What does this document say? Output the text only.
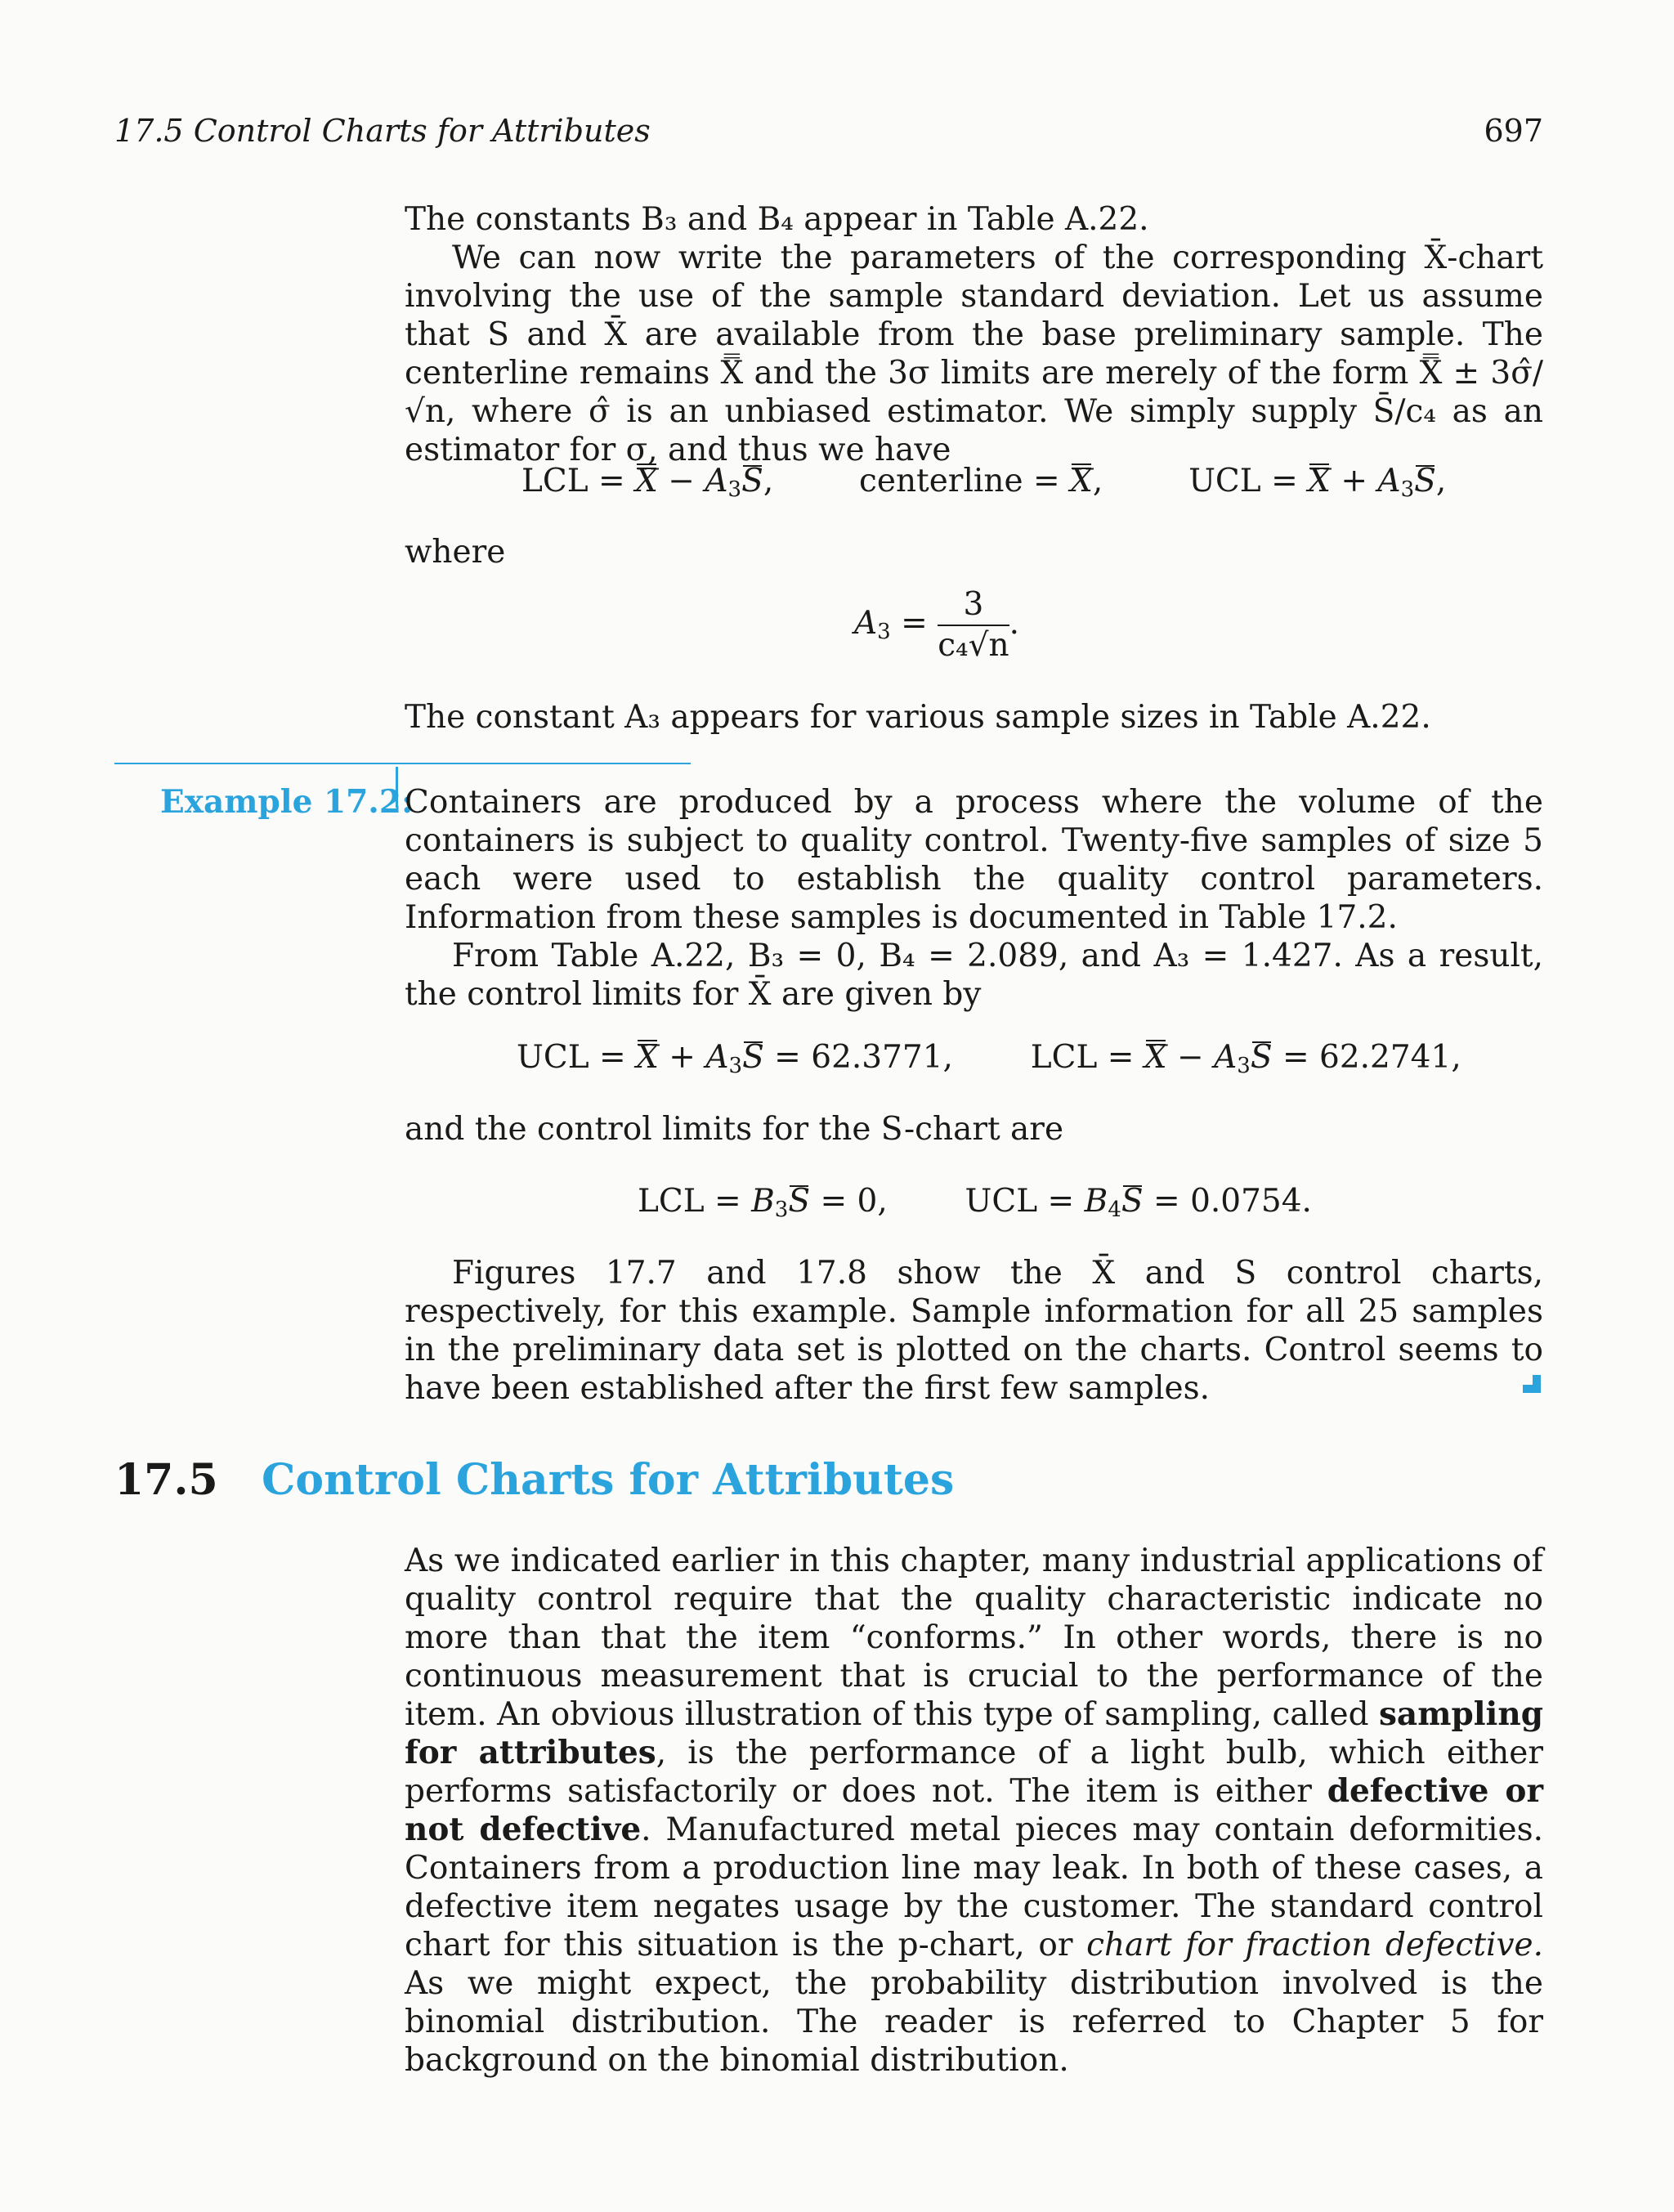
17.5 Control Charts for Attributes	697

The constants B₃ and B₄ appear in Table A.22.

We can now write the parameters of the corresponding X̄-chart involving the use of the sample standard deviation. Let us assume that S and X̄ are available from the base preliminary sample. The centerline remains X̿ and the 3σ limits are merely of the form X̿ ± 3σ̂/√n, where σ̂ is an unbiased estimator. We simply supply S̄/c₄ as an estimator for σ, and thus we have

LCL = $X - A_3S$,  centerline = X,  UCL = $X + A_3S$,
where
$A_3 = \frac{3}{\text{c₄√n}}$ .
The constant A₃ appears for various sample sizes in Table A.22.
Example 17.2:

Containers are produced by a process where the volume of the containers is subject to quality control. Twenty-five samples of size 5 each were used to establish the quality control parameters. Information from these samples is documented in Table 17.2.

From Table A.22, B₃ = 0, B₄ = 2.089, and A₃ = 1.427. As a result, the control limits for X̄ are given by

UCL = $X + A_3S = 62.3771$,  LCL = $X - A_3S = 62.2741$,
and the control limits for the S-chart are
LCL = $B_3S = 0$,  UCL = $B_4S = 0.0754$.

Figures 17.7 and 17.8 show the X̄ and S control charts, respectively, for this example. Sample information for all 25 samples in the preliminary data set is plotted on the charts. Control seems to have been established after the first few samples.

17.5 Control Charts for Attributes

As we indicated earlier in this chapter, many industrial applications of quality control require that the quality characteristic indicate no more than that the item “conforms.” In other words, there is no continuous measurement that is crucial to the performance of the item. An obvious illustration of this type of sampling, called sampling for attributes, is the performance of a light bulb, which either performs satisfactorily or does not. The item is either defective or not defective. Manufactured metal pieces may contain deformities. Containers from a production line may leak. In both of these cases, a defective item negates usage by the customer. The standard control chart for this situation is the p-chart, or chart for fraction defective. As we might expect, the probability distribution involved is the binomial distribution. The reader is referred to Chapter 5 for background on the binomial distribution.
